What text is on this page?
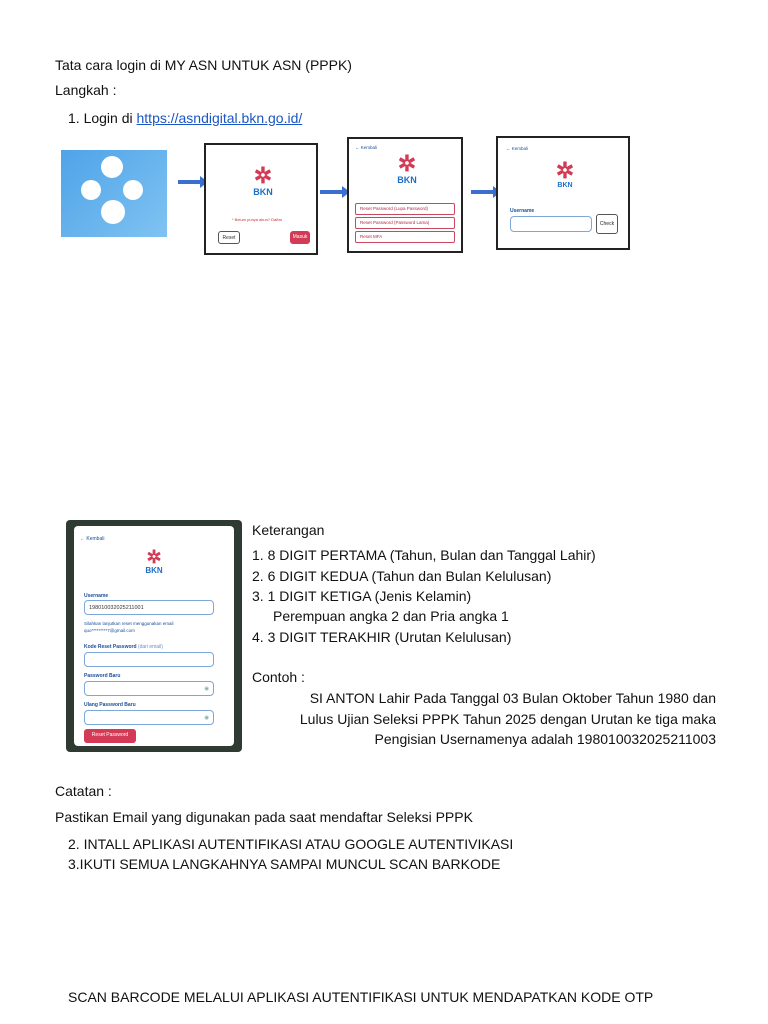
Tata cara login di MY ASN UNTUK ASN (PPPK)
Langkah :
1. Login di https://asndigital.bkn.go.id/
✲
BKN
* Belum punya akun? Daftar
Reset	Masuk
← Kembali
✲
BKN
Reset Password (Lupa Password)
Reset Password (Password Lama)
Reset MFA
← Kembali
✲
BKN
Username
Check
← Kembali
✲
BKN
Username
198010032025211001
Silahkan lanjutkan reset menggunakan email quo*********7@gmail.com
Kode Reset Password (dari email)
Password Baru
◉
Ulang Password Baru
◉
Reset Password
16.02
Keterangan
1. 8 DIGIT PERTAMA (Tahun, Bulan dan Tanggal Lahir)
2. 6 DIGIT KEDUA (Tahun dan Bulan Kelulusan)
3. 1 DIGIT KETIGA (Jenis Kelamin)
Perempuan angka 2 dan Pria angka 1
4. 3 DIGIT TERAKHIR (Urutan Kelulusan)
Contoh :
SI ANTON Lahir Pada Tanggal 03 Bulan Oktober Tahun 1980 dan
Lulus Ujian Seleksi PPPK Tahun 2025 dengan Urutan ke tiga maka
Pengisian Usernamenya adalah 198010032025211003
Catatan :
Pastikan Email yang digunakan pada saat mendaftar Seleksi PPPK
2. INTALL APLIKASI AUTENTIFIKASI ATAU GOOGLE AUTENTIVIKASI
3.IKUTI SEMUA LANGKAHNYA SAMPAI MUNCUL SCAN BARKODE
SCAN BARCODE MELALUI APLIKASI AUTENTIFIKASI UNTUK MENDAPATKAN KODE OTP
